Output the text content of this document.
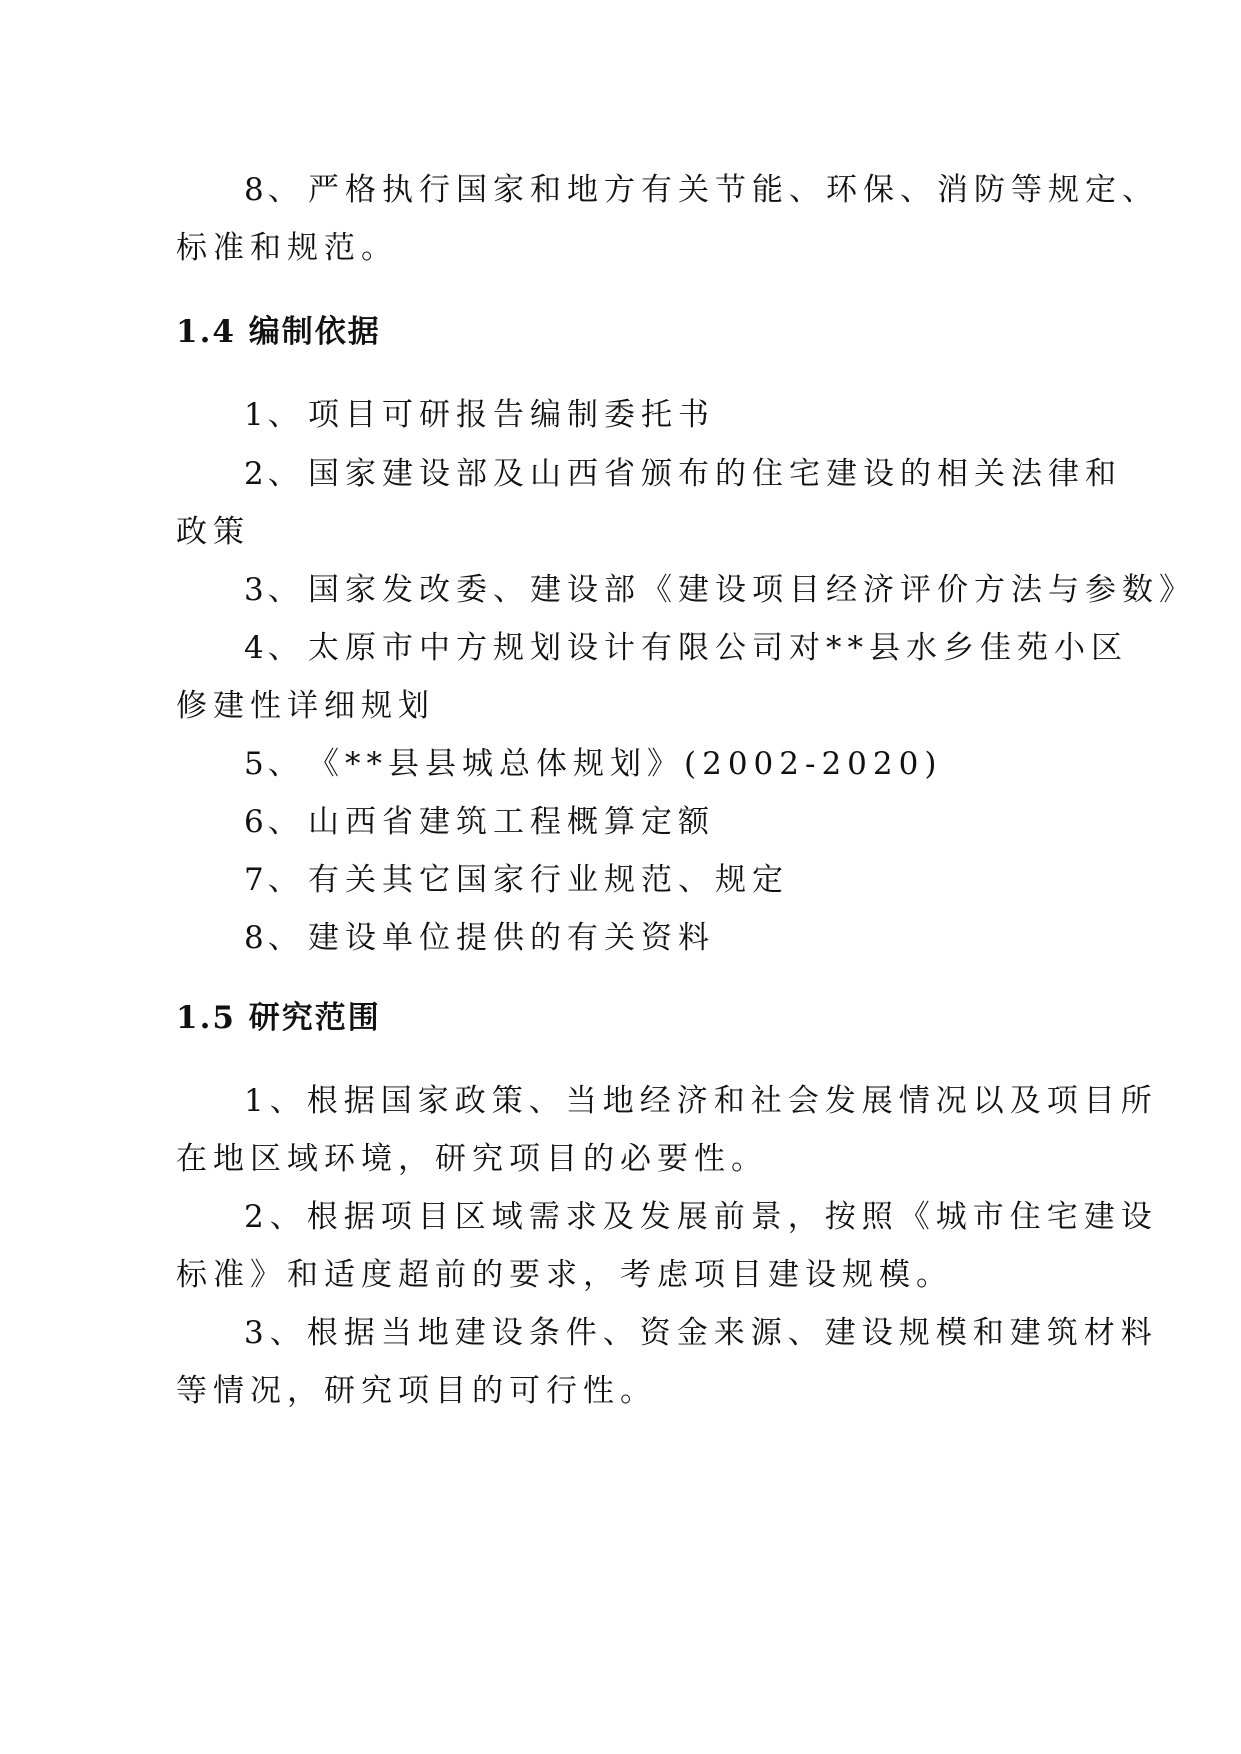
8、 严格执行国家和地方有关节能、环保、消防等规定、
标准和规范。
1.4 编制依据
1、 项目可研报告编制委托书
2、 国家建设部及山西省颁布的住宅建设的相关法律和
政策
3、 国家发改委、建设部《建设项目经济评价方法与参数》
4、 太原市中方规划设计有限公司对**县水乡佳苑小区
修建性详细规划
5、 《**县县城总体规划》(2002-2020)
6、 山西省建筑工程概算定额
7、 有关其它国家行业规范、规定
8、 建设单位提供的有关资料
1.5 研究范围
1、根据国家政策、当地经济和社会发展情况以及项目所
在地区域环境，研究项目的必要性。
2、根据项目区域需求及发展前景，按照《城市住宅建设
标准》和适度超前的要求，考虑项目建设规模。
3、根据当地建设条件、资金来源、建设规模和建筑材料
等情况，研究项目的可行性。
